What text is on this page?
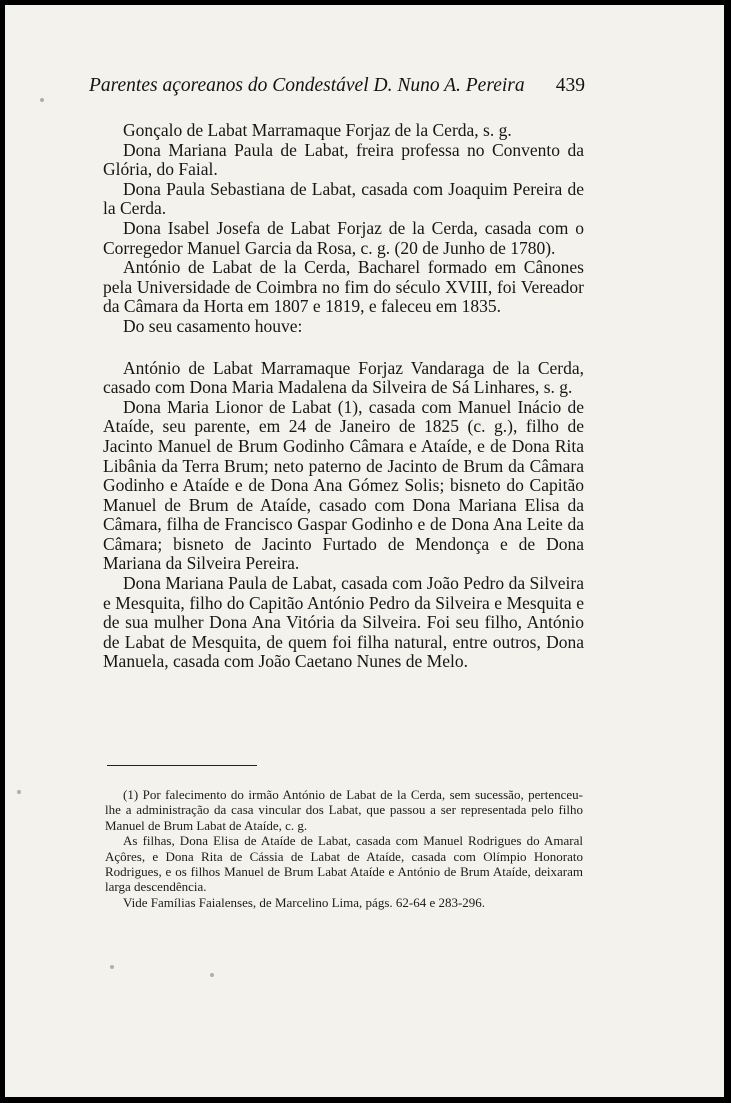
Parentes açoreanos do Condestável D. Nuno A. Pereira 439

Gonçalo de Labat Marramaque Forjaz de la Cerda, s. g.

Dona Mariana Paula de Labat, freira professa no Convento da Glória, do Faial.

Dona Paula Sebastiana de Labat, casada com Joaquim Pereira de la Cerda.

Dona Isabel Josefa de Labat Forjaz de la Cerda, casada com o Corregedor Manuel Garcia da Rosa, c. g. (20 de Junho de 1780).

António de Labat de la Cerda, Bacharel formado em Cânones pela Universidade de Coimbra no fim do século XVIII, foi Vereador da Câmara da Horta em 1807 e 1819, e faleceu em 1835.

Do seu casamento houve:

António de Labat Marramaque Forjaz Vandaraga de la Cerda, casado com Dona Maria Madalena da Silveira de Sá Linhares, s. g.

Dona Maria Lionor de Labat (1), casada com Manuel Inácio de Ataíde, seu parente, em 24 de Janeiro de 1825 (c. g.), filho de Jacinto Manuel de Brum Godinho Câmara e Ataíde, e de Dona Rita Libânia da Terra Brum; neto paterno de Jacinto de Brum da Câmara Godinho e Ataíde e de Dona Ana Gómez Solis; bisneto do Capitão Manuel de Brum de Ataíde, casado com Dona Mariana Elisa da Câmara, filha de Francisco Gaspar Godinho e de Dona Ana Leite da Câmara; bisneto de Jacinto Furtado de Mendonça e de Dona Mariana da Silveira Pereira.

Dona Mariana Paula de Labat, casada com João Pedro da Silveira e Mesquita, filho do Capitão António Pedro da Silveira e Mesquita e de sua mulher Dona Ana Vitória da Silveira. Foi seu filho, António de Labat de Mesquita, de quem foi filha natural, entre outros, Dona Manuela, casada com João Caetano Nunes de Melo.

(1) Por falecimento do irmão António de Labat de la Cerda, sem sucessão, pertenceu-lhe a administração da casa vincular dos Labat, que passou a ser representada pelo filho Manuel de Brum Labat de Ataíde, c. g.

As filhas, Dona Elisa de Ataíde de Labat, casada com Manuel Rodrigues do Amaral Açôres, e Dona Rita de Cássia de Labat de Ataíde, casada com Olímpio Honorato Rodrigues, e os filhos Manuel de Brum Labat Ataíde e António de Brum Ataíde, deixaram larga descendência.

Vide Famílias Faialenses, de Marcelino Lima, págs. 62-64 e 283-296.
